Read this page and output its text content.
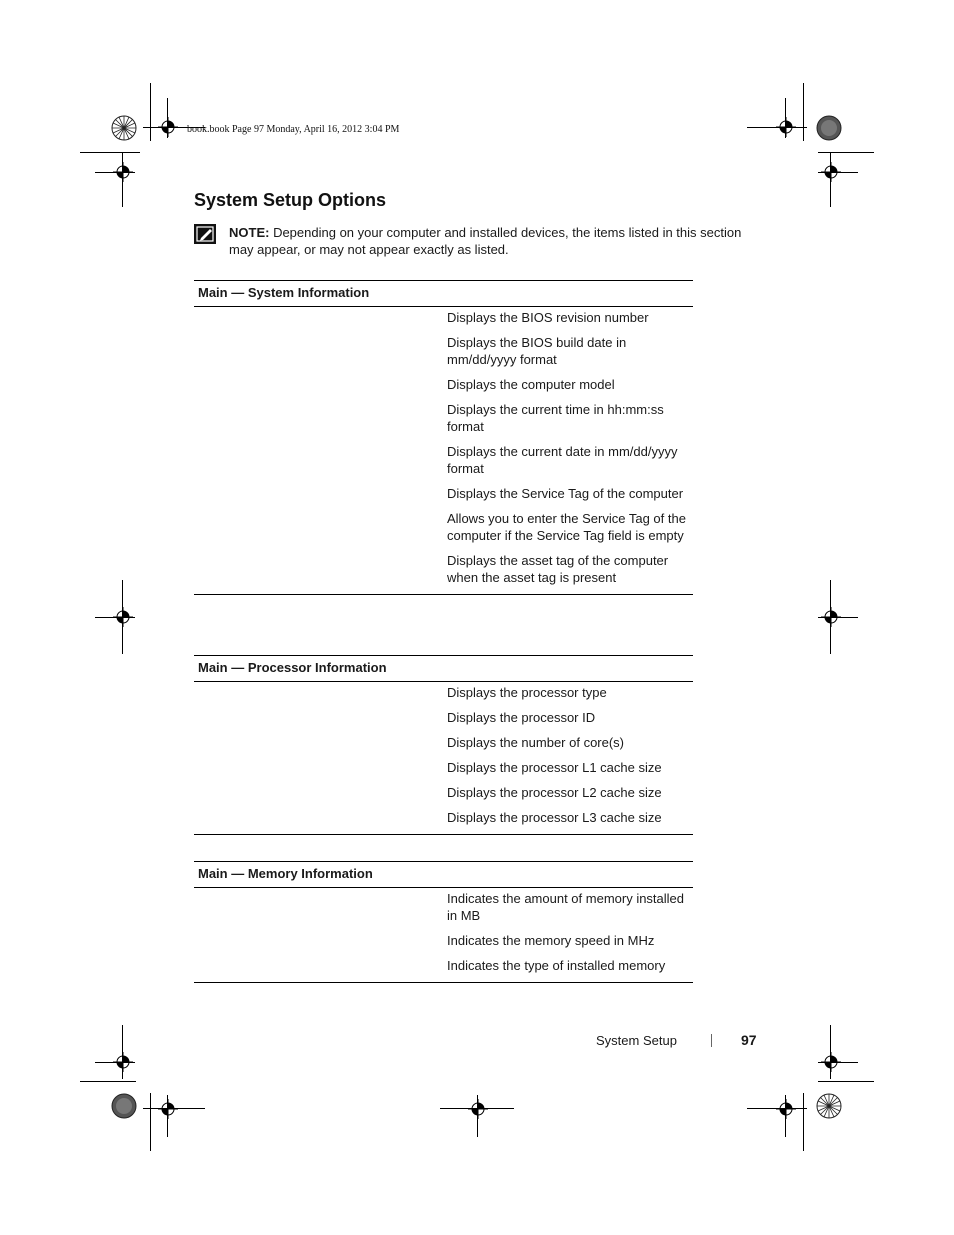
book.book Page 97 Monday, April 16, 2012 3:04 PM
System Setup Options
NOTE: Depending on your computer and installed devices, the items listed in this section may appear, or may not appear exactly as listed.
Main — System Information

Displays the BIOS revision number
Displays the BIOS build date in mm/dd/yyyy format
Displays the computer model
Displays the current time in hh:mm:ss format
Displays the current date in mm/dd/yyyy format
Displays the Service Tag of the computer
Allows you to enter the Service Tag of the computer if the Service Tag field is empty
Displays the asset tag of the computer when the asset tag is present
Main — Processor Information

Displays the processor type
Displays the processor ID
Displays the number of core(s)
Displays the processor L1 cache size
Displays the processor L2 cache size
Displays the processor L3 cache size
Main — Memory Information

Indicates the amount of memory installed in MB
Indicates the memory speed in MHz
Indicates the type of installed memory
System Setup	97
